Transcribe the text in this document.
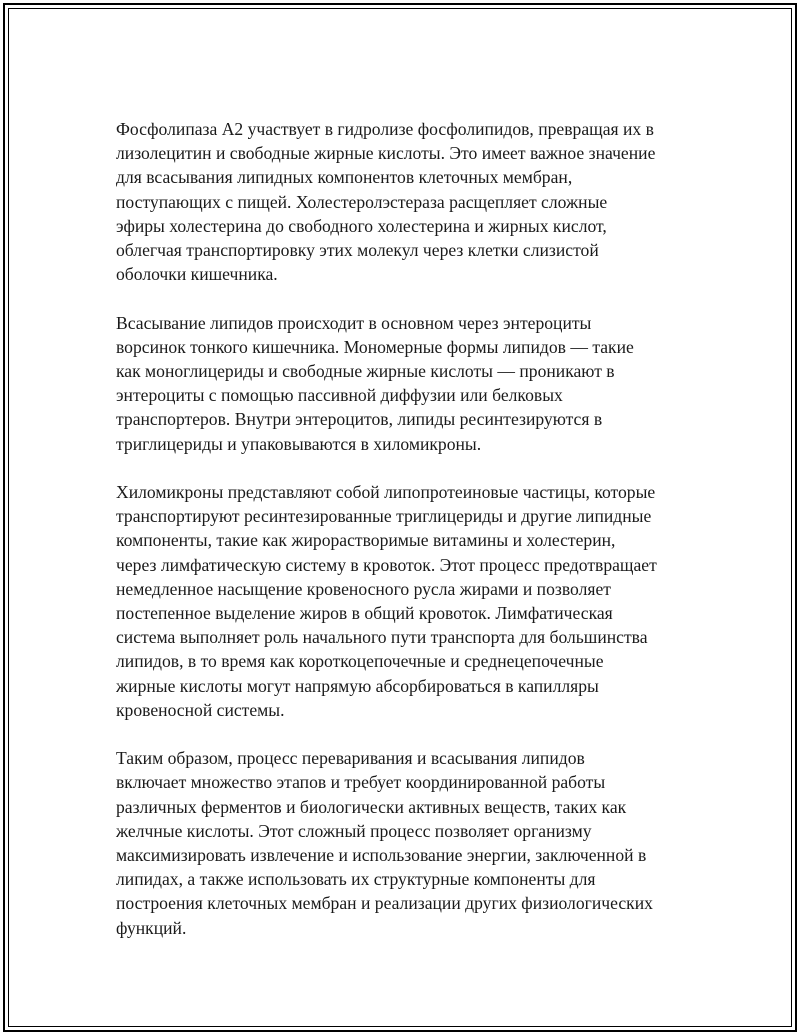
Фосфолипаза A2 участвует в гидролизе фосфолипидов, превращая их в
лизолецитин и свободные жирные кислоты. Это имеет важное значение
для всасывания липидных компонентов клеточных мембран,
поступающих с пищей. Холестеролэстераза расщепляет сложные
эфиры холестерина до свободного холестерина и жирных кислот,
облегчая транспортировку этих молекул через клетки слизистой
оболочки кишечника.

Всасывание липидов происходит в основном через энтероциты
ворсинок тонкого кишечника. Мономерные формы липидов — такие
как моноглицериды и свободные жирные кислоты — проникают в
энтероциты с помощью пассивной диффузии или белковых
транспортеров. Внутри энтероцитов, липиды ресинтезируются в
триглицериды и упаковываются в хиломикроны.

Хиломикроны представляют собой липопротеиновые частицы, которые
транспортируют ресинтезированные триглицериды и другие липидные
компоненты, такие как жирорастворимые витамины и холестерин,
через лимфатическую систему в кровоток. Этот процесс предотвращает
немедленное насыщение кровеносного русла жирами и позволяет
постепенное выделение жиров в общий кровоток. Лимфатическая
система выполняет роль начального пути транспорта для большинства
липидов, в то время как короткоцепочечные и среднецепочечные
жирные кислоты могут напрямую абсорбироваться в капилляры
кровеносной системы.

Таким образом, процесс переваривания и всасывания липидов
включает множество этапов и требует координированной работы
различных ферментов и биологически активных веществ, таких как
желчные кислоты. Этот сложный процесс позволяет организму
максимизировать извлечение и использование энергии, заключенной в
липидах, а также использовать их структурные компоненты для
построения клеточных мембран и реализации других физиологических
функций.
